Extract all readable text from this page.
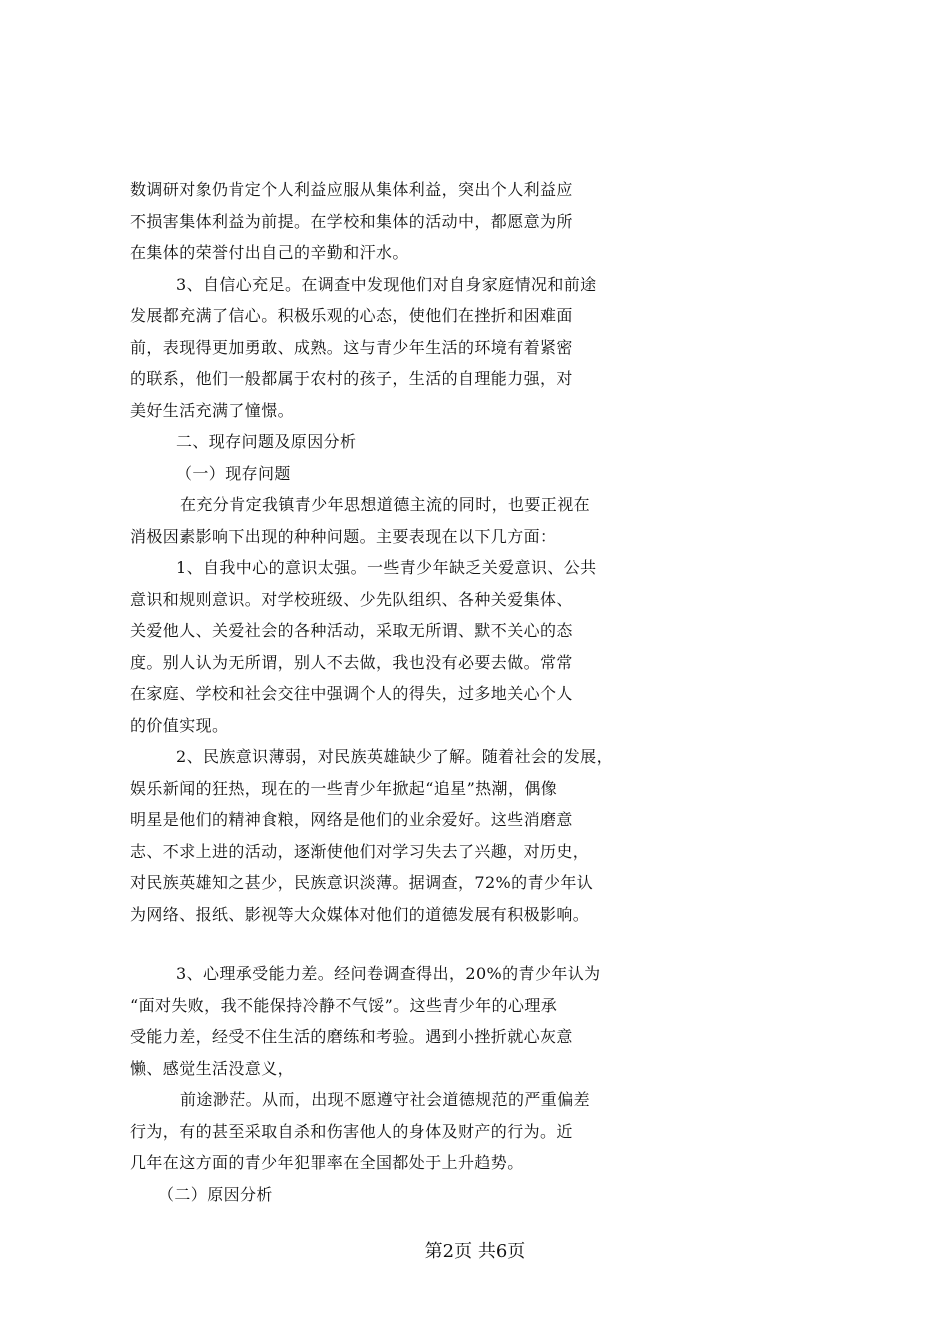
数调研对象仍肯定个人利益应服从集体利益，突出个人利益应
不损害集体利益为前提。在学校和集体的活动中，都愿意为所
在集体的荣誉付出自己的辛勤和汗水。
3、自信心充足。在调查中发现他们对自身家庭情况和前途
发展都充满了信心。积极乐观的心态，使他们在挫折和困难面
前，表现得更加勇敢、成熟。这与青少年生活的环境有着紧密
的联系，他们一般都属于农村的孩子，生活的自理能力强，对
美好生活充满了憧憬。
二、现存问题及原因分析
（一）现存问题
在充分肯定我镇青少年思想道德主流的同时，也要正视在
消极因素影响下出现的种种问题。主要表现在以下几方面：
1、自我中心的意识太强。一些青少年缺乏关爱意识、公共
意识和规则意识。对学校班级、少先队组织、各种关爱集体、
关爱他人、关爱社会的各种活动，采取无所谓、默不关心的态
度。别人认为无所谓，别人不去做，我也没有必要去做。常常
在家庭、学校和社会交往中强调个人的得失，过多地关心个人
的价值实现。
2、民族意识薄弱，对民族英雄缺少了解。随着社会的发展，
娱乐新闻的狂热，现在的一些青少年掀起“追星”热潮，偶像
明星是他们的精神食粮，网络是他们的业余爱好。这些消磨意
志、不求上进的活动，逐渐使他们对学习失去了兴趣，对历史，
对民族英雄知之甚少，民族意识淡薄。据调查，72%的青少年认
为网络、报纸、影视等大众媒体对他们的道德发展有积极影响。
3、心理承受能力差。经问卷调查得出，20%的青少年认为
“面对失败，我不能保持冷静不气馁”。这些青少年的心理承
受能力差，经受不住生活的磨练和考验。遇到小挫折就心灰意
懒、感觉生活没意义，
前途渺茫。从而，出现不愿遵守社会道德规范的严重偏差
行为，有的甚至采取自杀和伤害他人的身体及财产的行为。近
几年在这方面的青少年犯罪率在全国都处于上升趋势。
（二）原因分析
第2页 共6页
